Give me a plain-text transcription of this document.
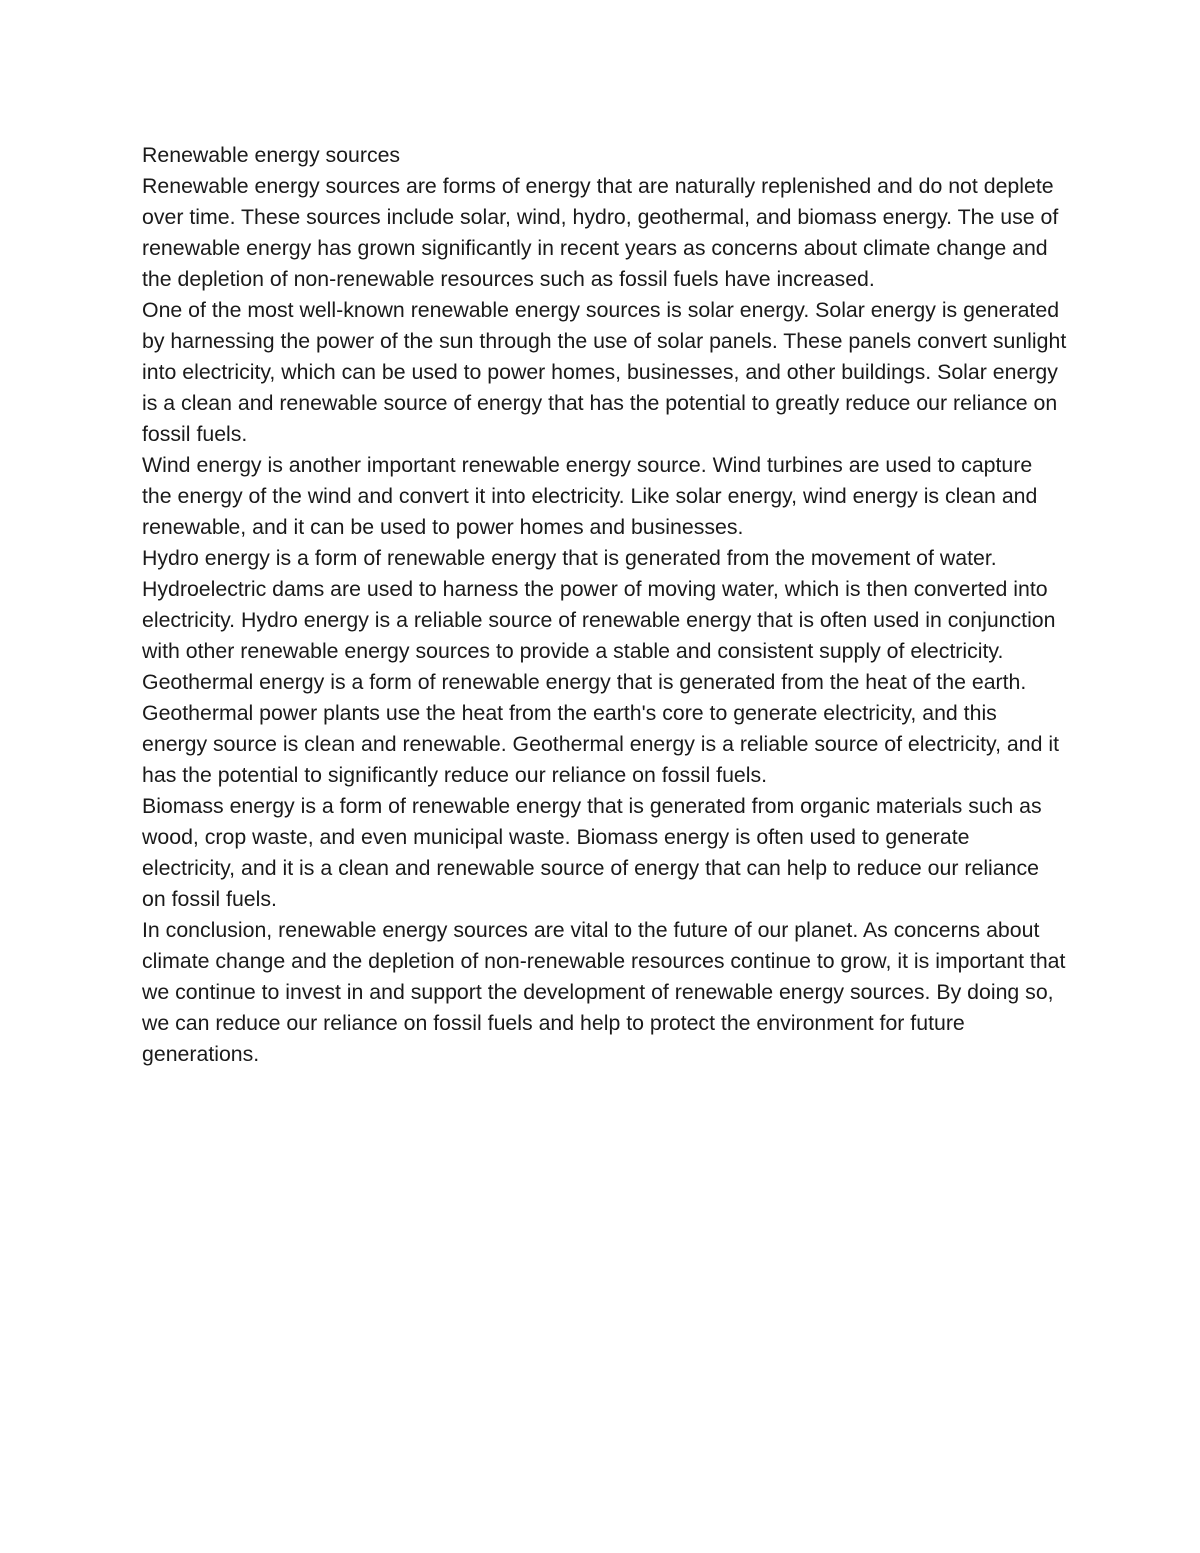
Renewable energy sources

Renewable energy sources are forms of energy that are naturally replenished and do not deplete over time. These sources include solar, wind, hydro, geothermal, and biomass energy. The use of renewable energy has grown significantly in recent years as concerns about climate change and the depletion of non-renewable resources such as fossil fuels have increased.

One of the most well-known renewable energy sources is solar energy. Solar energy is generated by harnessing the power of the sun through the use of solar panels. These panels convert sunlight into electricity, which can be used to power homes, businesses, and other buildings. Solar energy is a clean and renewable source of energy that has the potential to greatly reduce our reliance on fossil fuels.

Wind energy is another important renewable energy source. Wind turbines are used to capture the energy of the wind and convert it into electricity. Like solar energy, wind energy is clean and renewable, and it can be used to power homes and businesses.

Hydro energy is a form of renewable energy that is generated from the movement of water. Hydroelectric dams are used to harness the power of moving water, which is then converted into electricity. Hydro energy is a reliable source of renewable energy that is often used in conjunction with other renewable energy sources to provide a stable and consistent supply of electricity.

Geothermal energy is a form of renewable energy that is generated from the heat of the earth. Geothermal power plants use the heat from the earth's core to generate electricity, and this energy source is clean and renewable. Geothermal energy is a reliable source of electricity, and it has the potential to significantly reduce our reliance on fossil fuels.

Biomass energy is a form of renewable energy that is generated from organic materials such as wood, crop waste, and even municipal waste. Biomass energy is often used to generate electricity, and it is a clean and renewable source of energy that can help to reduce our reliance on fossil fuels.

In conclusion, renewable energy sources are vital to the future of our planet. As concerns about climate change and the depletion of non-renewable resources continue to grow, it is important that we continue to invest in and support the development of renewable energy sources. By doing so, we can reduce our reliance on fossil fuels and help to protect the environment for future generations.
